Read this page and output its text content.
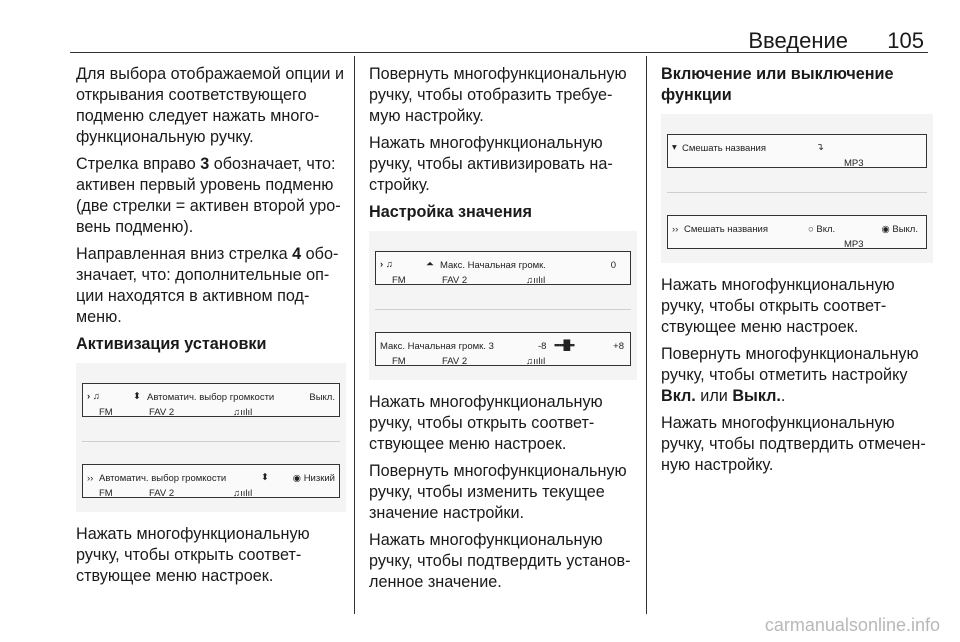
Введение 105

Для выбора отображаемой опции и
открывания соответствующего
подменю следует нажать много-
функциональную ручку.

Стрелка вправо 3 обозначает, что:
активен первый уровень подменю
(две стрелки = активен второй уро-
вень подменю).

Направленная вниз стрелка 4 обо-
значает, что: дополнительные оп-
ции находятся в активном под-
меню.

Активизация установки
› ♫	⬍ Автоматич. выбор громкости	Выкл.
FM	FAV 2	♫ıılıl
›› Автоматич. выбор громкости	⬍	◉ Низкий
FM	FAV 2	♫ıılıl

Нажать многофункциональную
ручку, чтобы открыть соответ-
ствующее меню настроек.

Повернуть многофункциональную
ручку, чтобы отобразить требуе-
мую настройку.

Нажать многофункциональную
ручку, чтобы активизировать на-
стройку.

Настройка значения
› ♫	⏶ Макс. Начальная громк.	0
FM	FAV 2	♫ıılıl
Макс. Начальная громк. 3	-8 ▪▪▪▪█▪▪	+8
FM	FAV 2	♫ıılıl

Нажать многофункциональную
ручку, чтобы открыть соответ-
ствующее меню настроек.

Повернуть многофункциональную
ручку, чтобы изменить текущее
значение настройки.

Нажать многофункциональную
ручку, чтобы подтвердить установ-
ленное значение.

Включение или выключение
функции
▾ Смешать названия	↴
MP3
›› Смешать названия	○ Вкл.	◉ Выкл.
MP3

Нажать многофункциональную
ручку, чтобы открыть соответ-
ствующее меню настроек.

Повернуть многофункциональную
ручку, чтобы отметить настройку
Вкл. или Выкл..

Нажать многофункциональную
ручку, чтобы подтвердить отмечен-
ную настройку.

carmanualsonline.info
